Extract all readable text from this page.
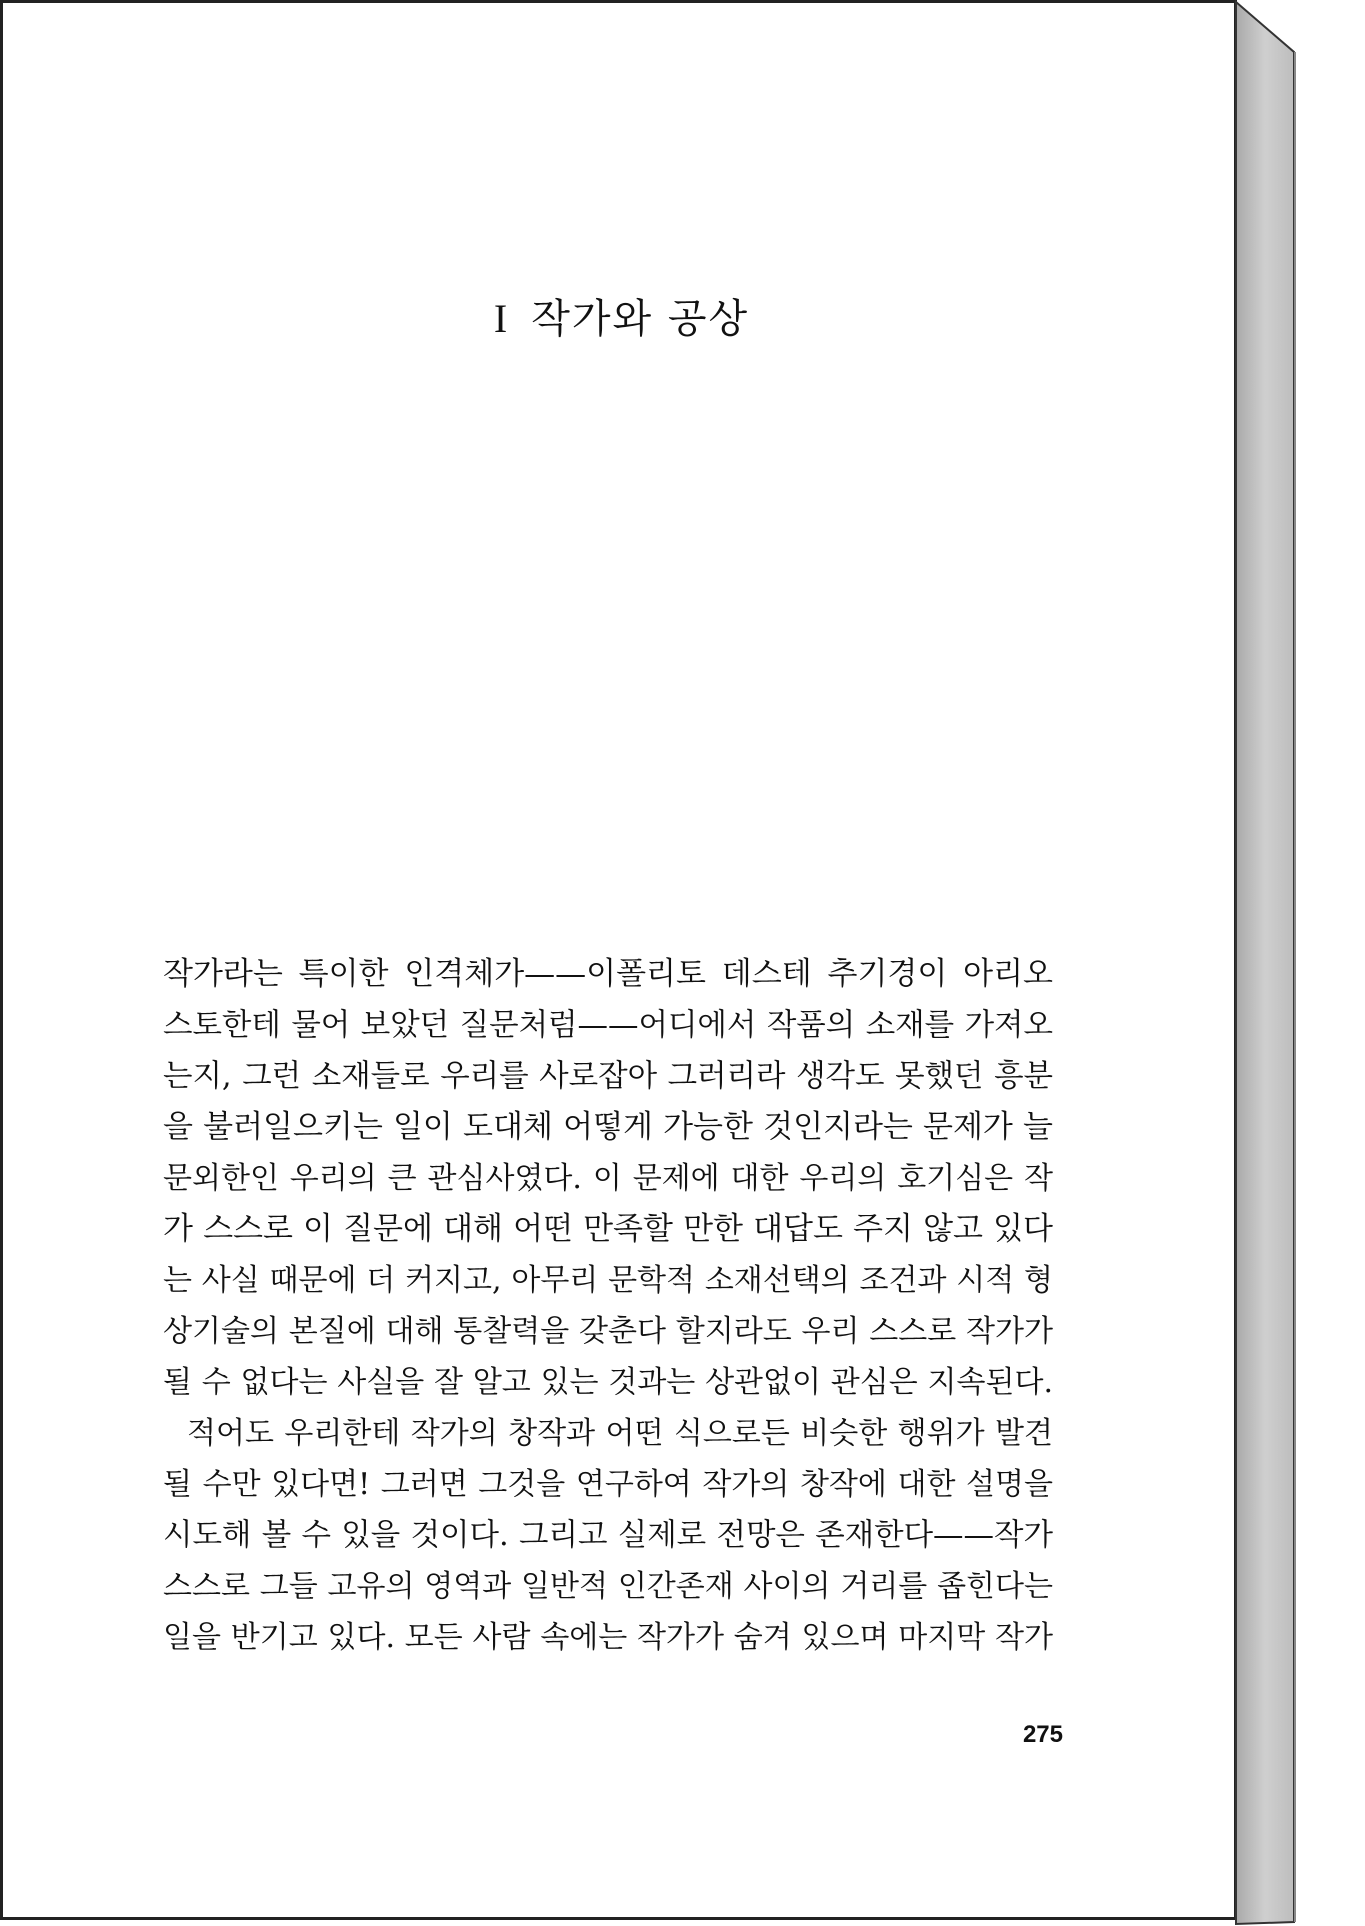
I 작가와 공상
작가라는 특이한 인격체가——이폴리토 데스테 추기경이 아리오
스토한테 물어 보았던 질문처럼——어디에서 작품의 소재를 가져오
는지, 그런 소재들로 우리를 사로잡아 그러리라 생각도 못했던 흥분
을 불러일으키는 일이 도대체 어떻게 가능한 것인지라는 문제가 늘
문외한인 우리의 큰 관심사였다. 이 문제에 대한 우리의 호기심은 작
가 스스로 이 질문에 대해 어떤 만족할 만한 대답도 주지 않고 있다
는 사실 때문에 더 커지고, 아무리 문학적 소재선택의 조건과 시적 형
상기술의 본질에 대해 통찰력을 갖춘다 할지라도 우리 스스로 작가가
될 수 없다는 사실을 잘 알고 있는 것과는 상관없이 관심은 지속된다.
적어도 우리한테 작가의 창작과 어떤 식으로든 비슷한 행위가 발견
될 수만 있다면! 그러면 그것을 연구하여 작가의 창작에 대한 설명을
시도해 볼 수 있을 것이다. 그리고 실제로 전망은 존재한다——작가
스스로 그들 고유의 영역과 일반적 인간존재 사이의 거리를 좁힌다는
일을 반기고 있다. 모든 사람 속에는 작가가 숨겨 있으며 마지막 작가
275
